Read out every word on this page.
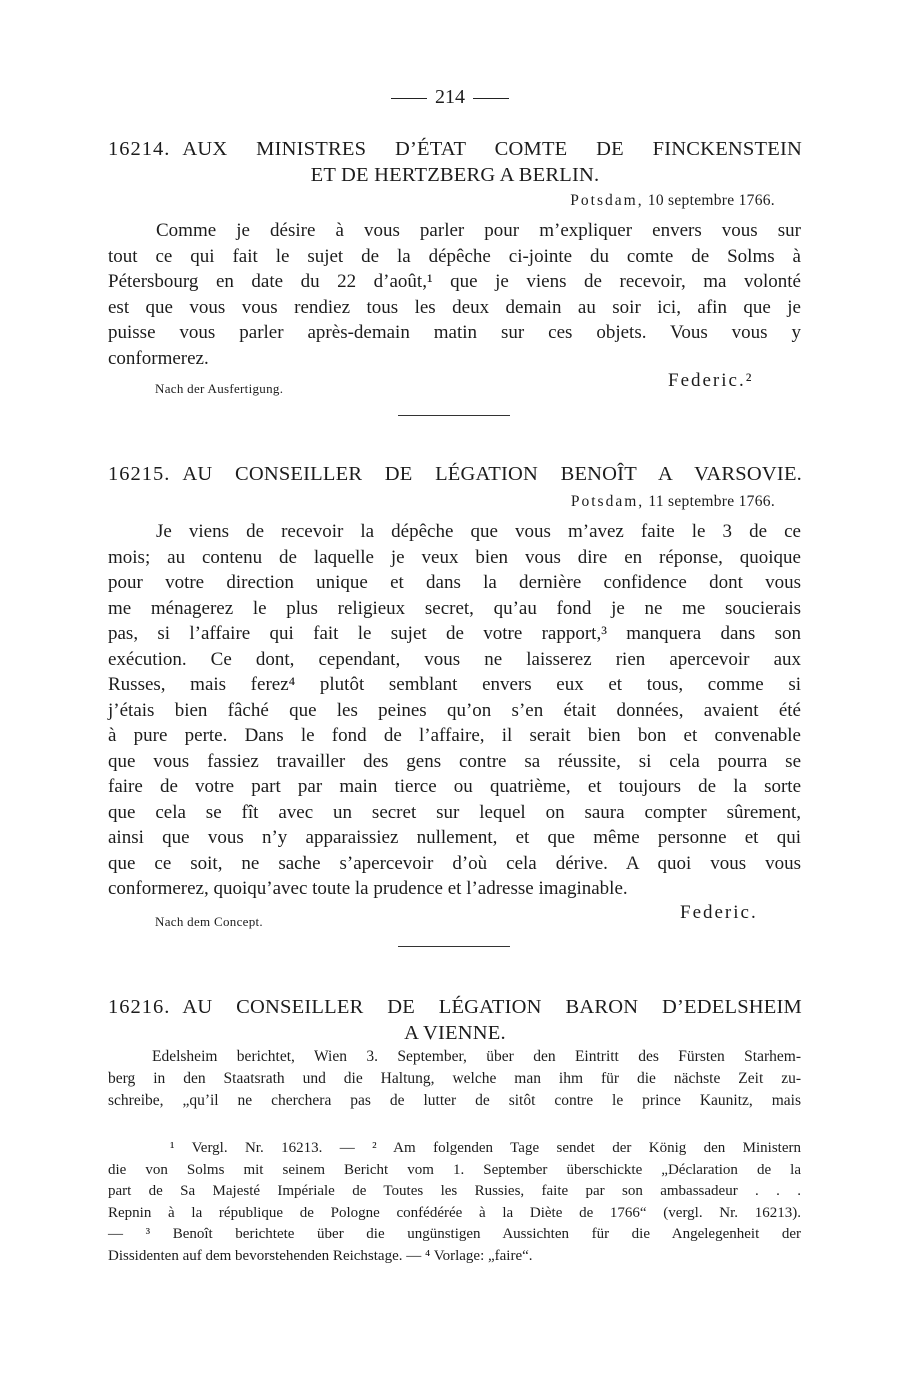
214
16214. AUX MINISTRES D’ÉTAT COMTE DE FINCKENSTEIN
ET DE HERTZBERG A BERLIN.
Potsdam, 10 septembre 1766.
Comme je désire à vous parler pour m’expliquer envers vous sur
tout ce qui fait le sujet de la dépêche ci-jointe du comte de Solms à
Pétersbourg en date du 22 d’août,¹ que je viens de recevoir, ma volonté
est que vous vous rendiez tous les deux demain au soir ici, afin que je
puisse vous parler après-demain matin sur ces objets. Vous vous y
conformerez.
Nach der Ausfertigung.	Federic.²
16215. AU CONSEILLER DE LÉGATION BENOÎT A VARSOVIE.
Potsdam, 11 septembre 1766.
Je viens de recevoir la dépêche que vous m’avez faite le 3 de ce
mois; au contenu de laquelle je veux bien vous dire en réponse, quoique
pour votre direction unique et dans la dernière confidence dont vous
me ménagerez le plus religieux secret, qu’au fond je ne me soucierais
pas, si l’affaire qui fait le sujet de votre rapport,³ manquera dans son
exécution. Ce dont, cependant, vous ne laisserez rien apercevoir aux
Russes, mais ferez⁴ plutôt semblant envers eux et tous, comme si
j’étais bien fâché que les peines qu’on s’en était données, avaient été
à pure perte. Dans le fond de l’affaire, il serait bien bon et convenable
que vous fassiez travailler des gens contre sa réussite, si cela pourra se
faire de votre part par main tierce ou quatrième, et toujours de la sorte
que cela se fît avec un secret sur lequel on saura compter sûrement,
ainsi que vous n’y apparaissiez nullement, et que même personne et qui
que ce soit, ne sache s’apercevoir d’où cela dérive. A quoi vous vous
conformerez, quoiqu’avec toute la prudence et l’adresse imaginable.
Nach dem Concept.	Federic.
16216. AU CONSEILLER DE LÉGATION BARON D’EDELSHEIM
A VIENNE.
Edelsheim berichtet, Wien 3. September, über den Eintritt des Fürsten Starhem-
berg in den Staatsrath und die Haltung, welche man ihm für die nächste Zeit zu-
schreibe, „qu’il ne cherchera pas de lutter de sitôt contre le prince Kaunitz, mais
¹ Vergl. Nr. 16213. — ² Am folgenden Tage sendet der König den Ministern
die von Solms mit seinem Bericht vom 1. September überschickte „Déclaration de la
part de Sa Majesté Impériale de Toutes les Russies, faite par son ambassadeur . . .
Repnin à la république de Pologne confédérée à la Diète de 1766“ (vergl. Nr. 16213).
— ³ Benoît berichtete über die ungünstigen Aussichten für die Angelegenheit der
Dissidenten auf dem bevorstehenden Reichstage. — ⁴ Vorlage: „faire“.
